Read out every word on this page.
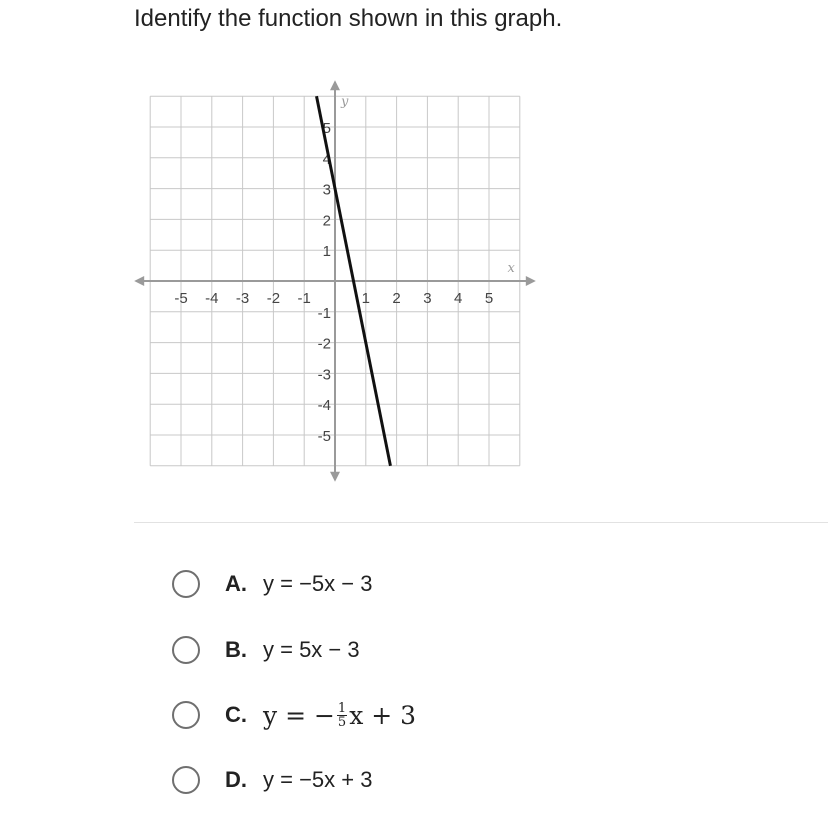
Identify the function shown in this graph.
-5 -4 -3 -2 -1	1 2 3 4 5
5
4
3
2
1
-1
-2
-3
-4
-5
x
y
A. y = −5x − 3
B. y = 5x − 3
C. y = − $\frac{1}{5}$ x + 3
D. y = −5x + 3
